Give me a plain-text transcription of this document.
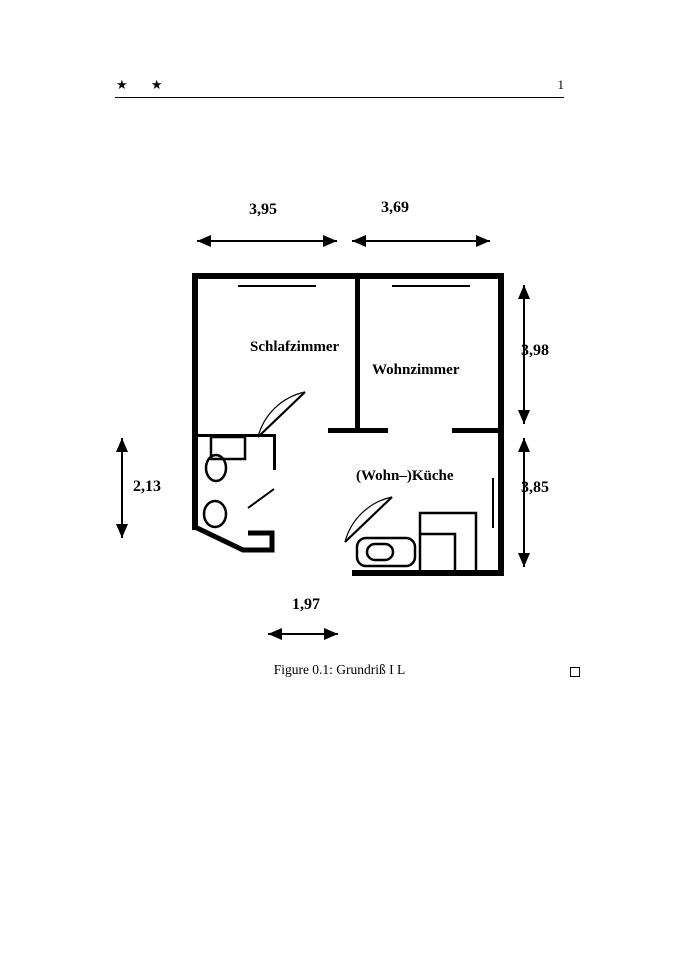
★ ★	1
Schlafzimmer
Wohnzimmer
(Wohn–)Küche
3,95	3,69
3,98
3,85
2,13
1,97
Figure 0.1: Grundriß I L
